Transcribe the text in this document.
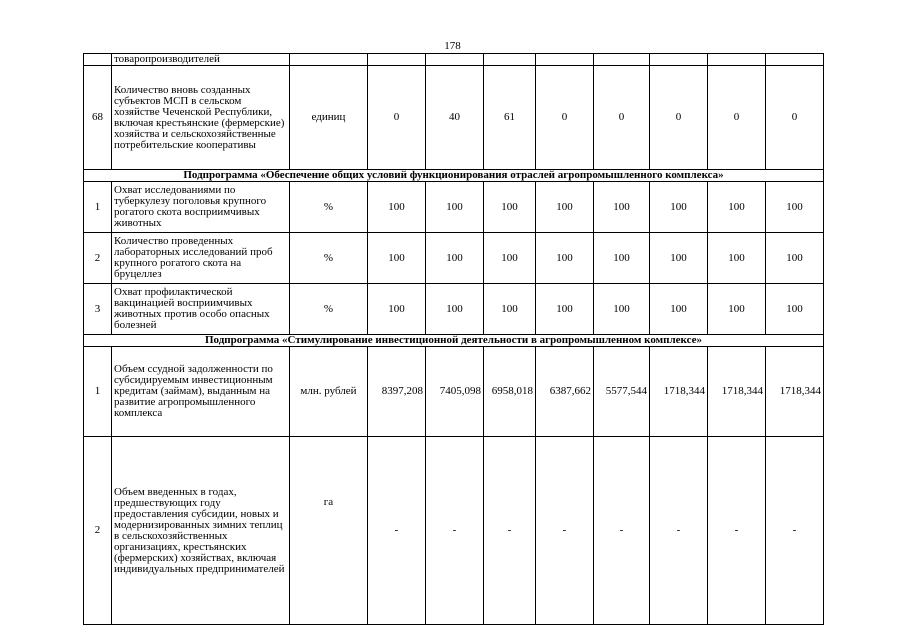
178
	товаропроизводителей									
68	Количество вновь созданных субъектов МСП в сельском хозяйстве Чеченской Республики, включая крестьянские (фермерские) хозяйства и сельскохозяйственные потребительские кооперативы	единиц	0	40	61	0	0	0	0	0
Подпрограмма «Обеспечение общих условий функционирования отраслей агропромышленного комплекса»										
1	Охват исследованиями по туберкулезу поголовья крупного рогатого скота восприимчивых животных	%	100	100	100	100	100	100	100	100
2	Количество проведенных лабораторных исследований проб крупного рогатого скота на бруцеллез	%	100	100	100	100	100	100	100	100
3	Охват профилактической вакцинацией восприимчивых животных против особо опасных болезней	%	100	100	100	100	100	100	100	100
Подпрограмма «Стимулирование инвестиционной деятельности в агропромышленном комплексе»										
1	Объем ссудной задолженности по субсидируемым инвестиционным кредитам (займам), выданным на развитие агропромышленного комплекса	млн. рублей	8397,208	7405,098	6958,018	6387,662	5577,544	1718,344	1718,344	1718,344
2	Объем введенных в годах, предшествующих году предоставления субсидии, новых и модернизированных зимних теплиц в сельскохозяйственных организациях, крестьянских (фермерских) хозяйствах, включая индивидуальных предпринимателей	га	-	-	-	-	-	-	-	-
